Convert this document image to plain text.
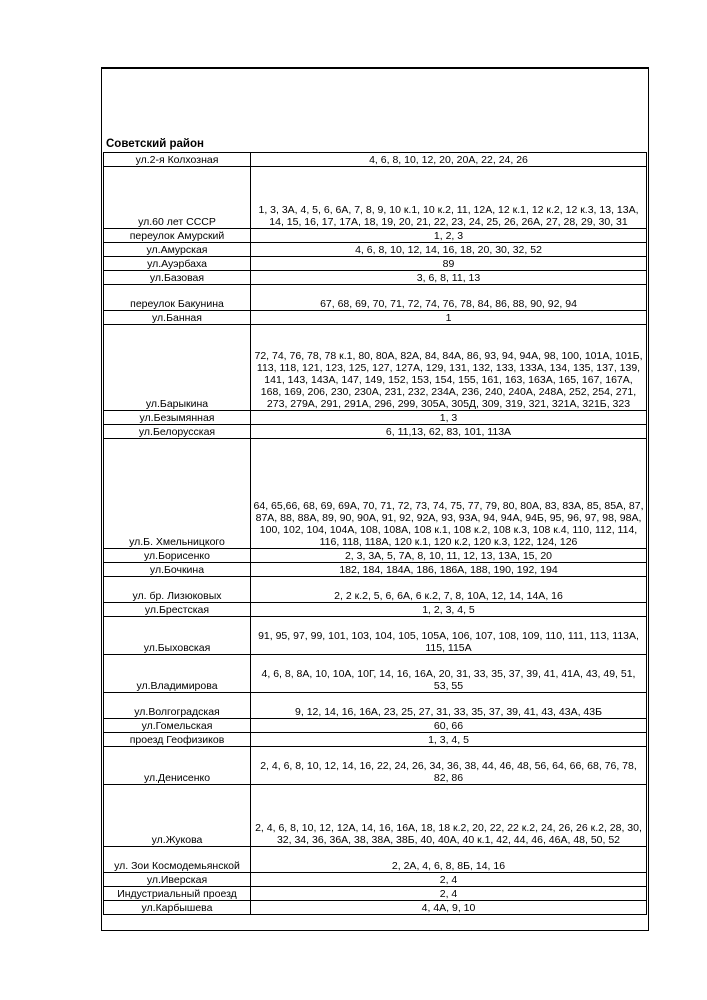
Советский район
ул.2-я Колхозная	4, 6, 8, 10, 12, 20, 20А, 22, 24, 26
ул.60 лет СССР	1, 3, 3А, 4, 5, 6, 6А, 7, 8, 9, 10 к.1, 10 к.2, 11, 12А, 12 к.1, 12 к.2, 12 к.3, 13, 13А, 14, 15, 16, 17, 17А, 18, 19, 20, 21, 22, 23, 24, 25, 26, 26А, 27, 28, 29, 30, 31
переулок Амурский	1, 2, 3
ул.Амурская	4, 6, 8, 10, 12, 14, 16, 18, 20, 30, 32, 52
ул.Ауэрбаха	89
ул.Базовая	3, 6, 8, 11, 13
переулок Бакунина	67, 68, 69, 70, 71, 72, 74, 76, 78, 84, 86, 88, 90, 92, 94
ул.Банная	1
ул.Барыкина	72, 74, 76, 78, 78 к.1, 80, 80А, 82А, 84, 84А, 86, 93, 94, 94А, 98, 100, 101А, 101Б, 113, 118, 121, 123, 125, 127, 127А, 129, 131, 132, 133, 133А, 134, 135, 137, 139, 141, 143, 143А, 147, 149, 152, 153, 154, 155, 161, 163, 163А, 165, 167, 167А, 168, 169, 206, 230, 230А, 231, 232, 234А, 236, 240, 240А, 248А, 252, 254, 271, 273, 279А, 291, 291А, 296, 299, 305А, 305Д, 309, 319, 321, 321А, 321Б, 323
ул.Безымянная	1, 3
ул.Белорусская	6, 11,13, 62, 83, 101, 113А
ул.Б. Хмельницкого	64, 65,66, 68, 69, 69А, 70, 71, 72, 73, 74, 75, 77, 79, 80, 80А, 83, 83А, 85, 85А, 87, 87А, 88, 88А, 89, 90, 90А, 91, 92, 92А, 93, 93А, 94, 94А, 94Б, 95, 96, 97, 98, 98А, 100, 102, 104, 104А, 108, 108А, 108 к.1, 108 к.2, 108 к.3, 108 к.4, 110, 112, 114, 116, 118, 118А, 120 к.1, 120 к.2, 120 к.3, 122, 124, 126
ул.Борисенко	2, 3, 3А, 5, 7А, 8, 10, 11, 12, 13, 13А, 15, 20
ул.Бочкина	182, 184, 184А, 186, 186А, 188, 190, 192, 194
ул. бр. Лизюковых	2, 2 к.2, 5, 6, 6А, 6 к.2, 7, 8, 10А, 12, 14, 14А, 16
ул.Брестская	1, 2, 3, 4, 5
ул.Быховская	91, 95, 97, 99, 101, 103, 104, 105, 105А, 106, 107, 108, 109, 110, 111, 113, 113А, 115, 115А
ул.Владимирова	4, 6, 8, 8А, 10, 10А, 10Г, 14, 16, 16А, 20, 31, 33, 35, 37, 39, 41, 41А, 43, 49, 51, 53, 55
ул.Волгоградская	9, 12, 14, 16, 16А, 23, 25, 27, 31, 33, 35, 37, 39, 41, 43, 43А, 43Б
ул.Гомельская	60, 66
проезд Геофизиков	1, 3, 4, 5
ул.Денисенко	2, 4, 6, 8, 10, 12, 14, 16, 22, 24, 26, 34, 36, 38, 44, 46, 48, 56, 64, 66, 68, 76, 78, 82, 86
ул.Жукова	2, 4, 6, 8, 10, 12, 12А, 14, 16, 16А, 18, 18 к.2, 20, 22, 22 к.2, 24, 26, 26 к.2, 28, 30, 32, 34, 36, 36А, 38, 38А, 38Б, 40, 40А, 40 к.1, 42, 44, 46, 46А, 48, 50, 52
ул. Зои Космодемьянской	2, 2А, 4, 6, 8, 8Б, 14, 16
ул.Иверская	2, 4
Индустриальный проезд	2, 4
ул.Карбышева	4, 4А, 9, 10
